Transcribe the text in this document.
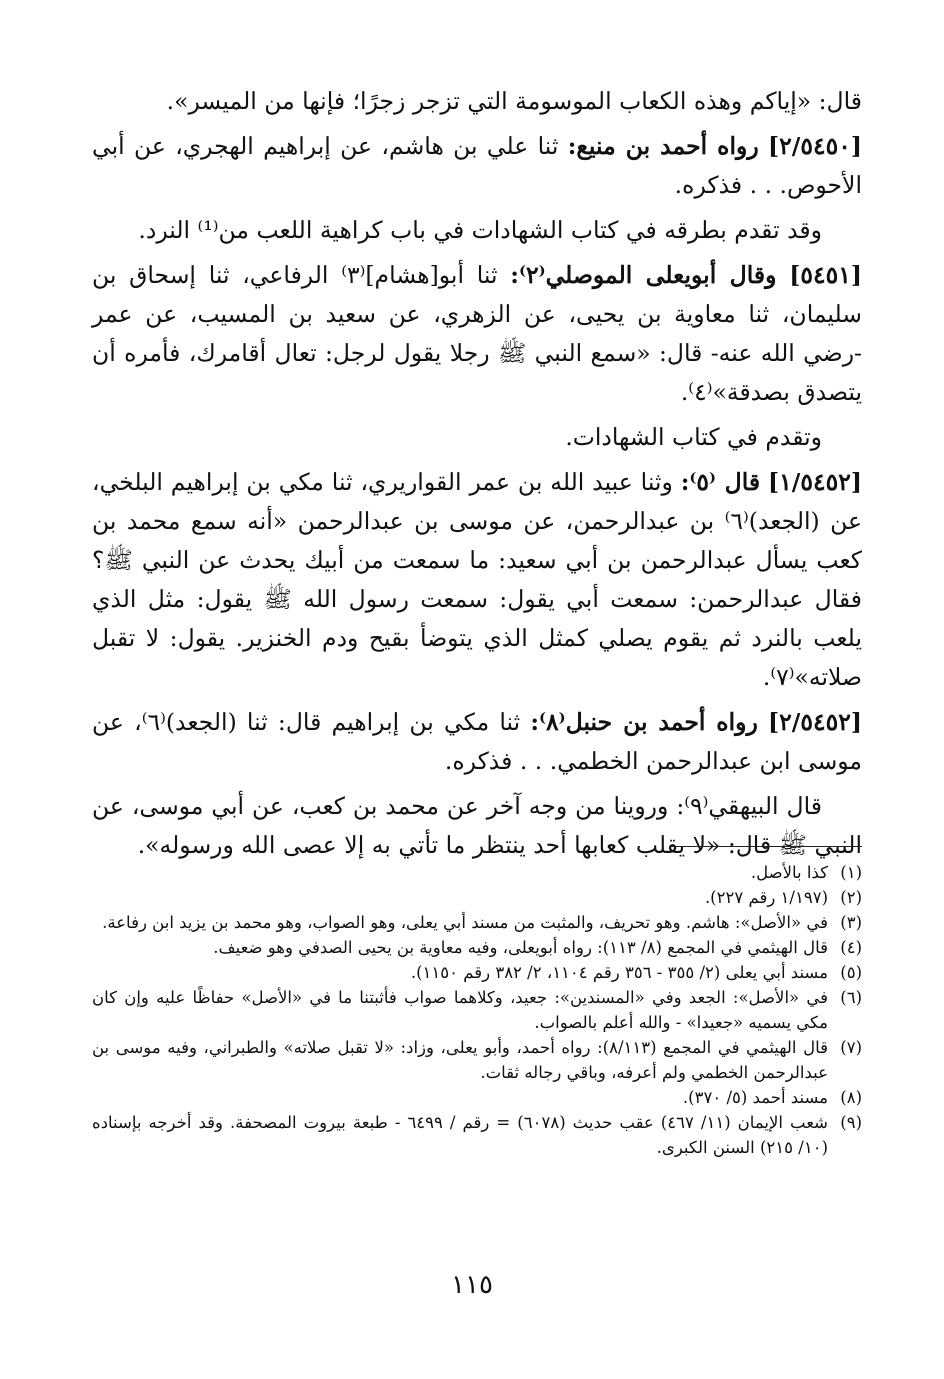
قال: «إياكم وهذه الكعاب الموسومة التي تزجر زجرًا؛ فإنها من الميسر».

[٢/٥٤٥٠] رواه أحمد بن منيع: ثنا علي بن هاشم، عن إبراهيم الهجري، عن أبي الأحوص. . . فذكره.

وقد تقدم بطرقه في كتاب الشهادات في باب كراهية اللعب من⁽¹⁾ النرد.

[٥٤٥١] وقال أبويعلى الموصلي⁽٢⁾: ثنا أبو[هشام]⁽٣⁾ الرفاعي، ثنا إسحاق بن سليمان، ثنا معاوية بن يحيى، عن الزهري، عن سعيد بن المسيب، عن عمر -رضي الله عنه- قال: «سمع النبي ﷺ رجلا يقول لرجل: تعال أقامرك، فأمره أن يتصدق بصدقة»⁽٤⁾.

وتقدم في كتاب الشهادات.

[١/٥٤٥٢] قال ⁽٥⁾: وثنا عبيد الله بن عمر القواريري، ثنا مكي بن إبراهيم البلخي، عن (الجعد)⁽٦⁾ بن عبدالرحمن، عن موسى بن عبدالرحمن «أنه سمع محمد بن كعب يسأل عبدالرحمن بن أبي سعيد: ما سمعت من أبيك يحدث عن النبي ﷺ؟ فقال عبدالرحمن: سمعت أبي يقول: سمعت رسول الله ﷺ يقول: مثل الذي يلعب بالنرد ثم يقوم يصلي كمثل الذي يتوضأ بقيح ودم الخنزير. يقول: لا تقبل صلاته»⁽٧⁾.

[٢/٥٤٥٢] رواه أحمد بن حنبل⁽٨⁾: ثنا مكي بن إبراهيم قال: ثنا (الجعد)⁽٦⁾، عن موسى ابن عبدالرحمن الخطمي. . . فذكره.

قال البيهقي⁽٩⁾: وروينا من وجه آخر عن محمد بن كعب، عن أبي موسى، عن النبي ﷺ قال: «لا يقلب كعابها أحد ينتظر ما تأتي به إلا عصى الله ورسوله».

(١)
كذا بالأصل.

(٢)
(١/١٩٧ رقم ٢٢٧).

(٣)
في «الأصل»: هاشم. وهو تحريف، والمثبت من مسند أبي يعلى، وهو الصواب، وهو محمد بن يزيد ابن رفاعة.

(٤)
قال الهيثمي في المجمع (٨/ ١١٣): رواه أبويعلى، وفيه معاوية بن يحيى الصدفي وهو ضعيف.

(٥)
مسند أبي يعلى (٢/ ٣٥٥ - ٣٥٦ رقم ١١٠٤، ٢/ ٣٨٢ رقم ١١٥٠).

(٦)
في «الأصل»: الجعد وفي «المسندين»: جعيد، وكلاهما صواب فأثبتنا ما في «الأصل» حفاظًا عليه وإن كان مكي يسميه «جعيدا» - والله أعلم بالصواب.

(٧)
قال الهيثمي في المجمع (٨/١١٣): رواه أحمد، وأبو يعلى، وزاد: «لا تقبل صلاته» والطبراني، وفيه موسى بن عبدالرحمن الخطمي ولم أعرفه، وباقي رجاله ثقات.

(٨)
مسند أحمد (٥/ ٣٧٠).

(٩)
شعب الإيمان (١١/ ٤٦٧) عقب حديث (٦٠٧٨) = رقم / ٦٤٩٩ - طبعة بيروت المصحفة. وقد أخرجه بإسناده (١٠/ ٢١٥) السنن الكبرى.

١١٥
